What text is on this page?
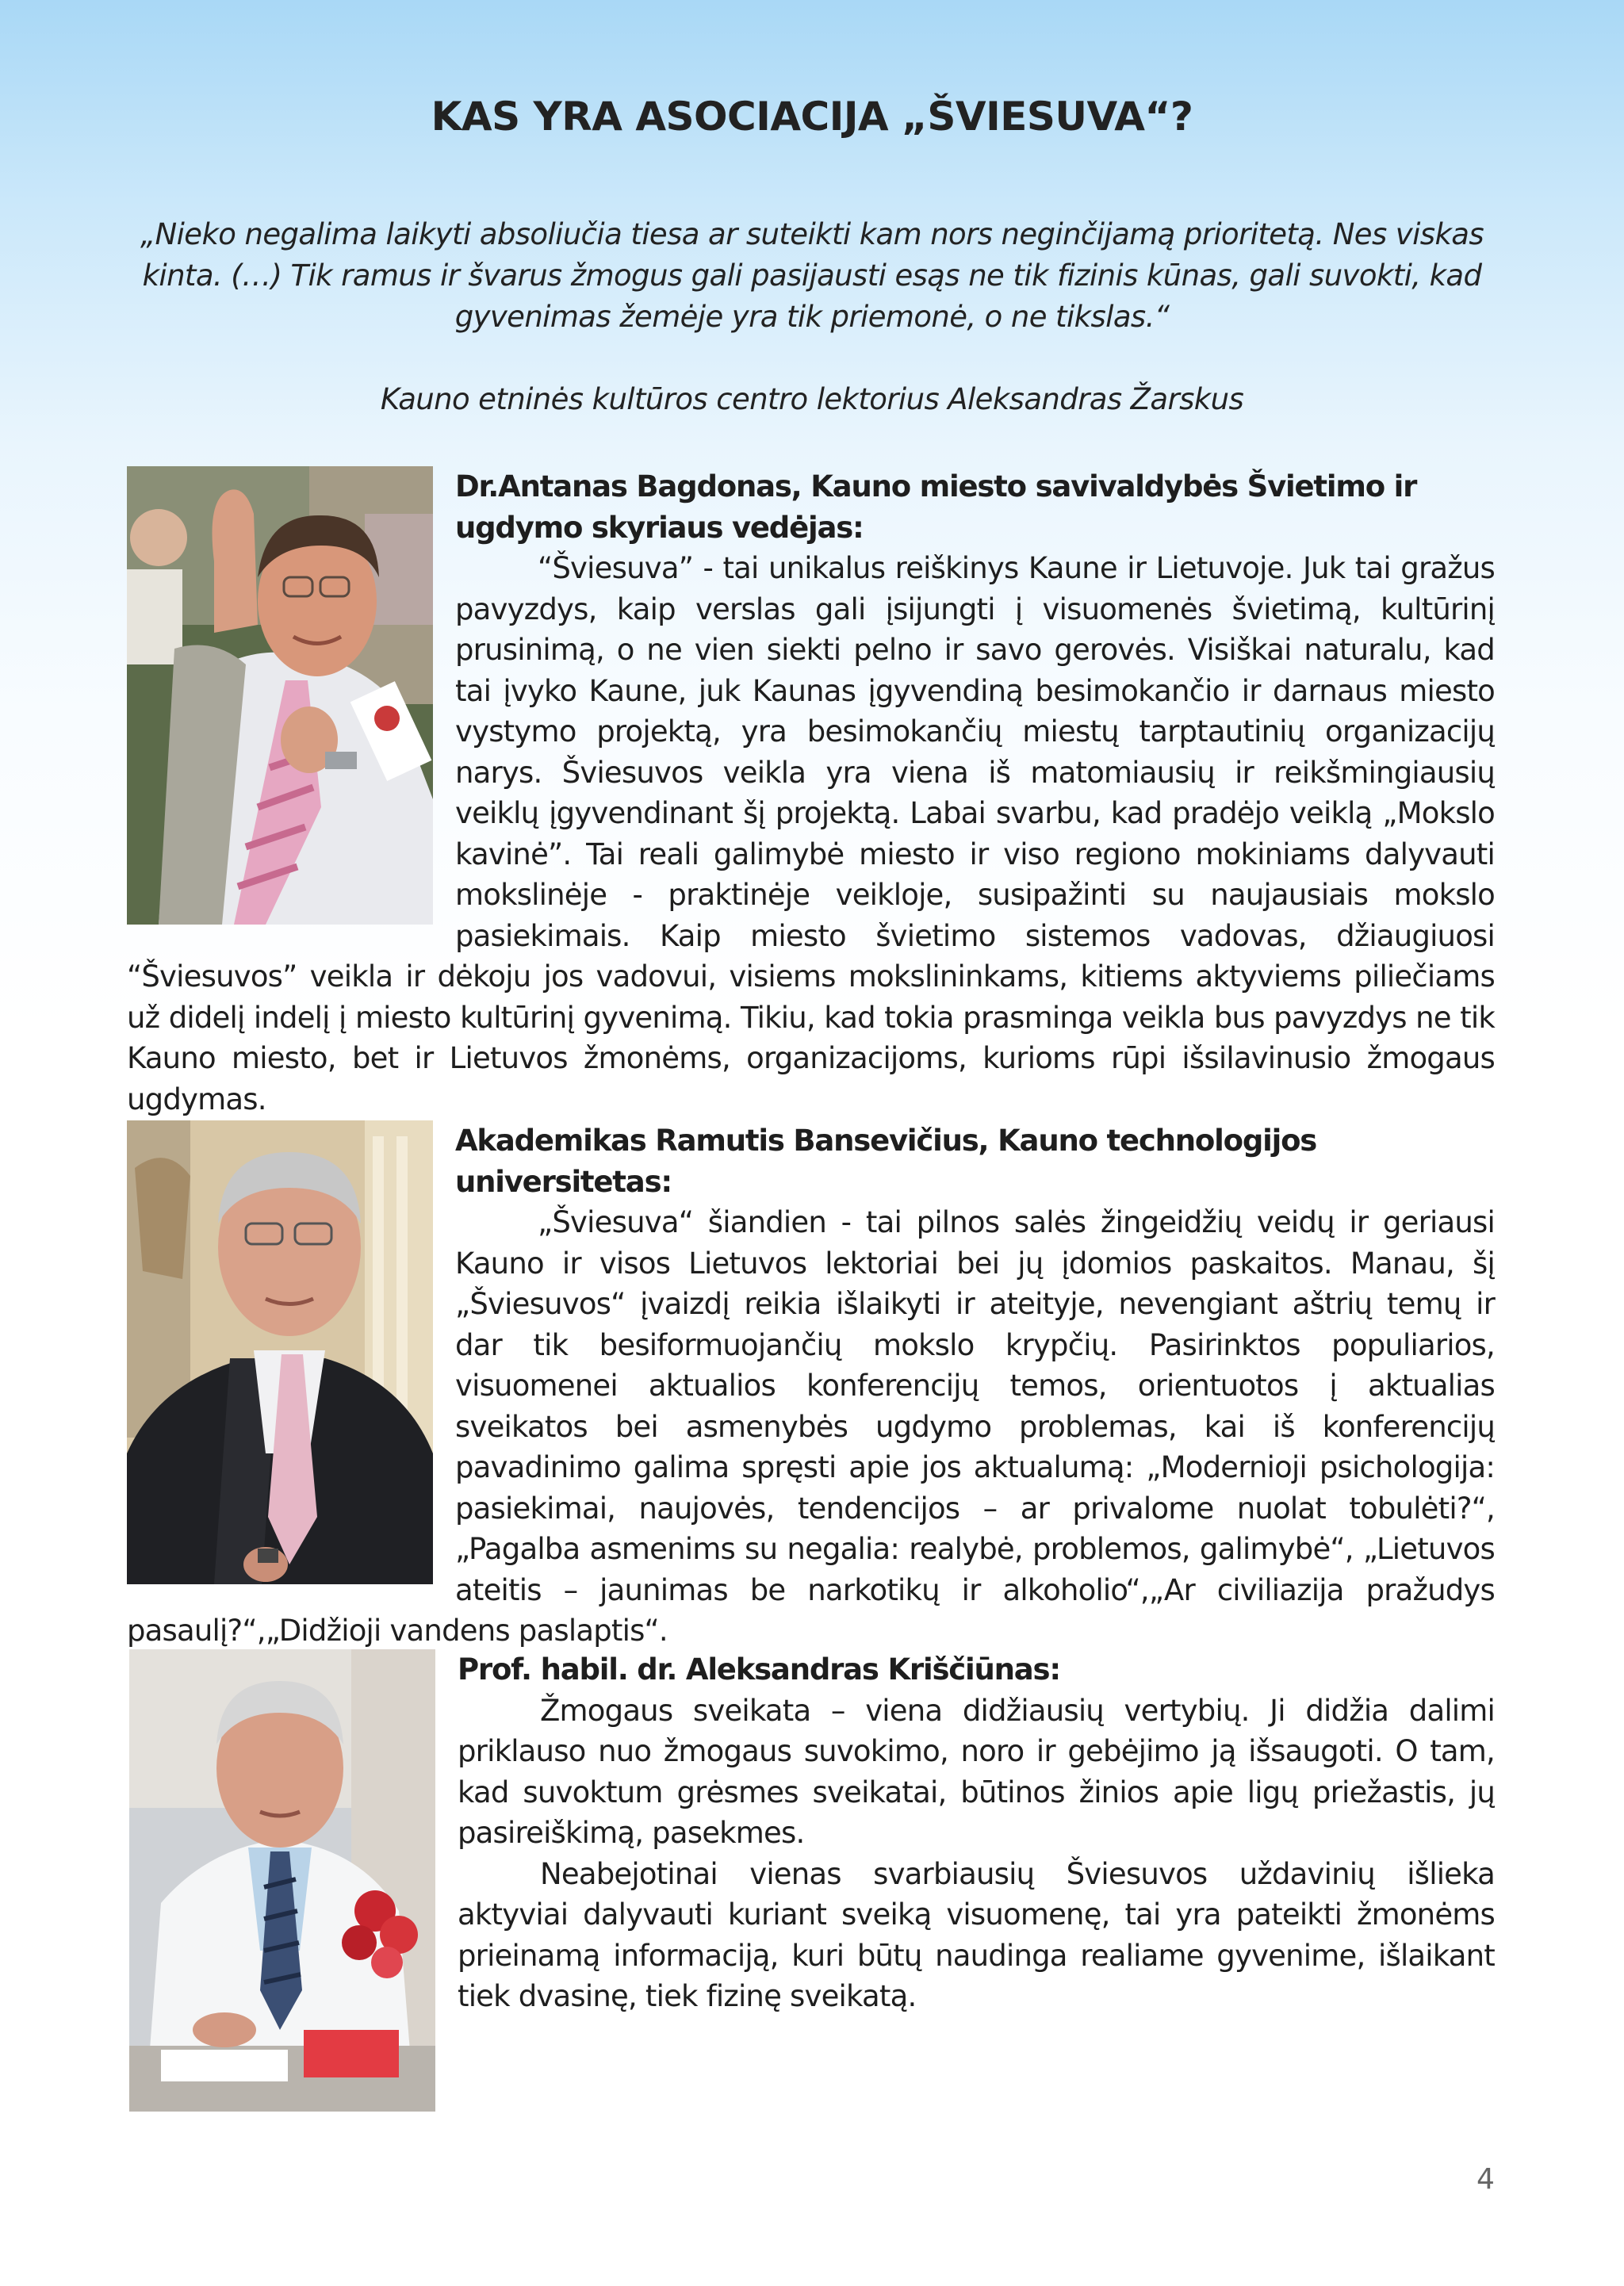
KAS YRA ASOCIACIJA „ŠVIESUVA“?

„Nieko negalima laikyti absoliučia tiesa ar suteikti kam nors neginčijamą prioritetą. Nes viskas kinta. (…) Tik ramus ir švarus žmogus gali pasijausti esąs ne tik fizinis kūnas, gali suvokti, kad gyvenimas žemėje yra tik priemonė, o ne tikslas.“

Kauno etninės kultūros centro lektorius Aleksandras Žarskus

Dr.Antanas Bagdonas, Kauno miesto savivaldybės Švietimo ir ugdymo skyriaus vedėjas:

“Šviesuva” - tai unikalus reiškinys Kaune ir Lietuvoje. Juk tai gražus pavyzdys, kaip verslas gali įsijungti į visuomenės švietimą, kultūrinį prusinimą, o ne vien siekti pelno ir savo gerovės. Visiškai naturalu, kad tai įvyko Kaune, juk Kaunas įgyvendiną besimokančio ir darnaus miesto vystymo projektą, yra besimokančių miestų tarptautinių organizacijų narys. Šviesuvos veikla yra viena iš matomiausių ir reikšmingiausių veiklų įgyvendinant šį projektą. Labai svarbu, kad pradėjo veiklą „Mokslo kavinė”. Tai reali galimybė miesto ir viso regiono mokiniams dalyvauti mokslinėje - praktinėje veikloje, susipažinti su naujausiais mokslo pasiekimais. Kaip miesto švietimo sistemos vadovas, džiaugiuosi “Šviesuvos” veikla ir dėkoju jos vadovui, visiems mokslininkams, kitiems aktyviems piliečiams už didelį indelį į miesto kultūrinį gyvenimą. Tikiu, kad tokia prasminga veikla bus pavyzdys ne tik Kauno miesto, bet ir Lietuvos žmonėms, organizacijoms, kurioms rūpi išsilavinusio žmogaus ugdymas.

Akademikas Ramutis Bansevičius, Kauno technologijos universitetas:

„Šviesuva“ šiandien - tai pilnos salės žingeidžių veidų ir geriausi Kauno ir visos Lietuvos lektoriai bei jų įdomios paskaitos. Manau, šį „Šviesuvos“ įvaizdį reikia išlaikyti ir ateityje, nevengiant aštrių temų ir dar tik besiformuojančių mokslo krypčių. Pasirinktos populiarios, visuomenei aktualios konferencijų temos, orientuotos į aktualias sveikatos bei asmenybės ugdymo problemas, kai iš konferencijų pavadinimo galima spręsti apie jos aktualumą: „Modernioji psichologija: pasiekimai, naujovės, tendencijos – ar privalome nuolat tobulėti?“,„Pagalba asmenims su negalia: realybė, problemos, galimybė“, „Lietuvos ateitis – jaunimas be narkotikų ir alkoholio“,„Ar civiliazija pražudys pasaulį?“,„Didžioji vandens paslaptis“.

Prof. habil. dr. Aleksandras Kriščiūnas:

Žmogaus sveikata – viena didžiausių vertybių. Ji didžia dalimi priklauso nuo žmogaus suvokimo, noro ir gebėjimo ją išsaugoti. O tam, kad suvoktum grėsmes sveikatai, būtinos žinios apie ligų priežastis, jų pasireiškimą, pasekmes.

Neabejotinai vienas svarbiausių Šviesuvos uždavinių išlieka aktyviai dalyvauti kuriant sveiką visuomenę, tai yra pateikti žmonėms prieinamą informaciją, kuri būtų naudinga realiame gyvenime, išlaikant tiek dvasinę, tiek fizinę sveikatą.

4
